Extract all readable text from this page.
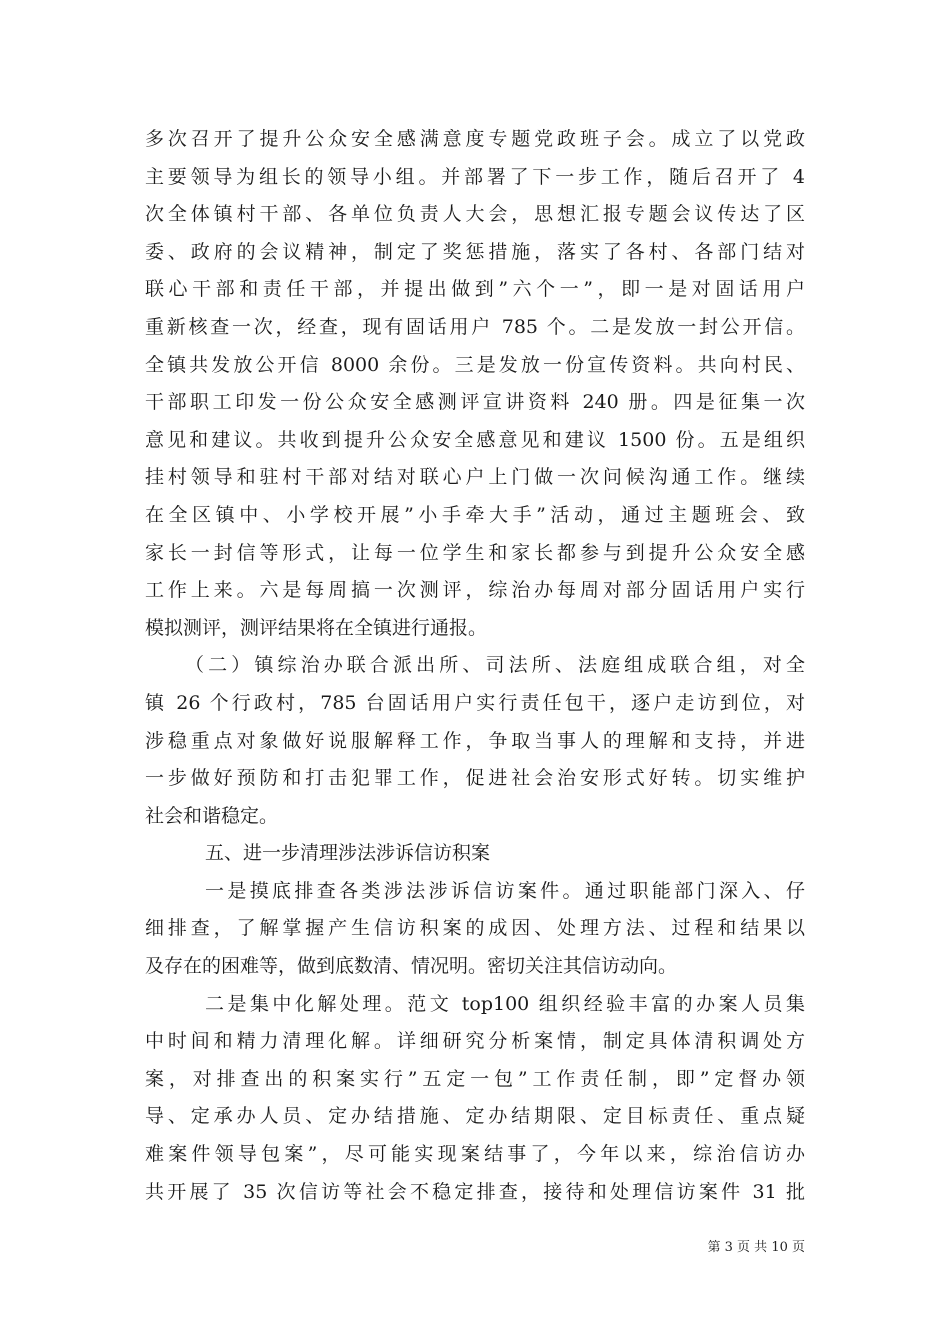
多次召开了提升公众安全感满意度专题党政班子会。成立了以党政
主要领导为组长的领导小组。并部署了下一步工作，随后召开了 4
次全体镇村干部、各单位负责人大会，思想汇报专题会议传达了区
委、政府的会议精神，制定了奖惩措施，落实了各村、各部门结对
联心干部和责任干部，并提出做到”六个一”，即一是对固话用户
重新核查一次，经查，现有固话用户 785 个。二是发放一封公开信。
全镇共发放公开信 8000 余份。三是发放一份宣传资料。共向村民、
干部职工印发一份公众安全感测评宣讲资料 240 册。四是征集一次
意见和建议。共收到提升公众安全感意见和建议 1500 份。五是组织
挂村领导和驻村干部对结对联心户上门做一次问候沟通工作。继续
在全区镇中、小学校开展”小手牵大手”活动，通过主题班会、致
家长一封信等形式，让每一位学生和家长都参与到提升公众安全感
工作上来。六是每周搞一次测评，综治办每周对部分固话用户实行
模拟测评，测评结果将在全镇进行通报。
（二）镇综治办联合派出所、司法所、法庭组成联合组，对全
镇 26 个行政村，785 台固话用户实行责任包干，逐户走访到位，对
涉稳重点对象做好说服解释工作，争取当事人的理解和支持，并进
一步做好预防和打击犯罪工作，促进社会治安形式好转。切实维护
社会和谐稳定。
五、进一步清理涉法涉诉信访积案
一是摸底排查各类涉法涉诉信访案件。通过职能部门深入、仔
细排查，了解掌握产生信访积案的成因、处理方法、过程和结果以
及存在的困难等，做到底数清、情况明。密切关注其信访动向。
二是集中化解处理。范文 top100 组织经验丰富的办案人员集
中时间和精力清理化解。详细研究分析案情，制定具体清积调处方
案，对排查出的积案实行”五定一包”工作责任制，即”定督办领
导、定承办人员、定办结措施、定办结期限、定目标责任、重点疑
难案件领导包案”，尽可能实现案结事了，今年以来，综治信访办
共开展了 35 次信访等社会不稳定排查，接待和处理信访案件 31 批
第 3 页 共 10 页
